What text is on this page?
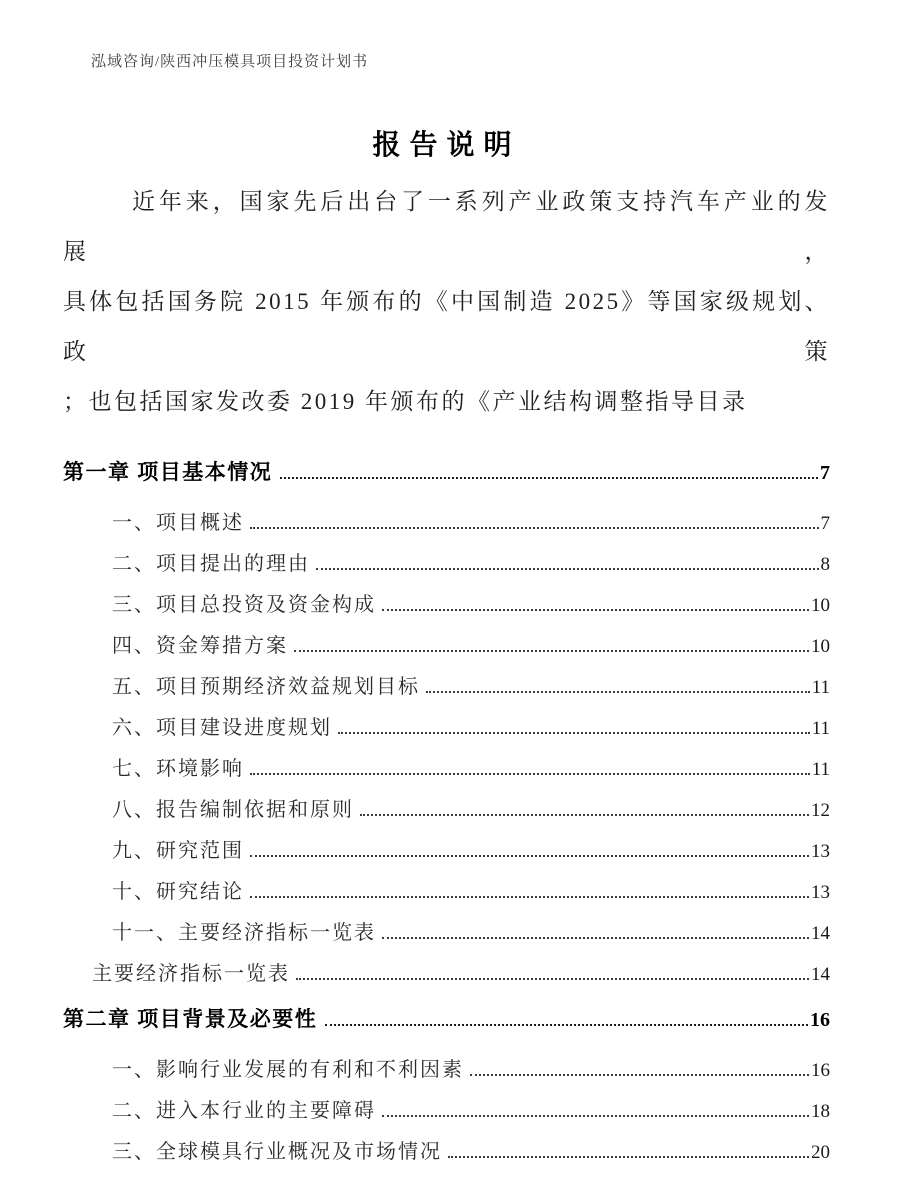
泓域咨询/陕西冲压模具项目投资计划书
报告说明
近年来，国家先后出台了一系列产业政策支持汽车产业的发展，
具体包括国务院 2015 年颁布的《中国制造 2025》等国家级规划、政策
；也包括国家发改委 2019 年颁布的《产业结构调整指导目录
第一章 项目基本情况	7
一、项目概述	7
二、项目提出的理由	8
三、项目总投资及资金构成	10
四、资金筹措方案	10
五、项目预期经济效益规划目标	11
六、项目建设进度规划	11
七、环境影响	11
八、报告编制依据和原则	12
九、研究范围	13
十、研究结论	13
十一、主要经济指标一览表	14
主要经济指标一览表	14
第二章 项目背景及必要性	16
一、影响行业发展的有利和不利因素	16
二、进入本行业的主要障碍	18
三、全球模具行业概况及市场情况	20
